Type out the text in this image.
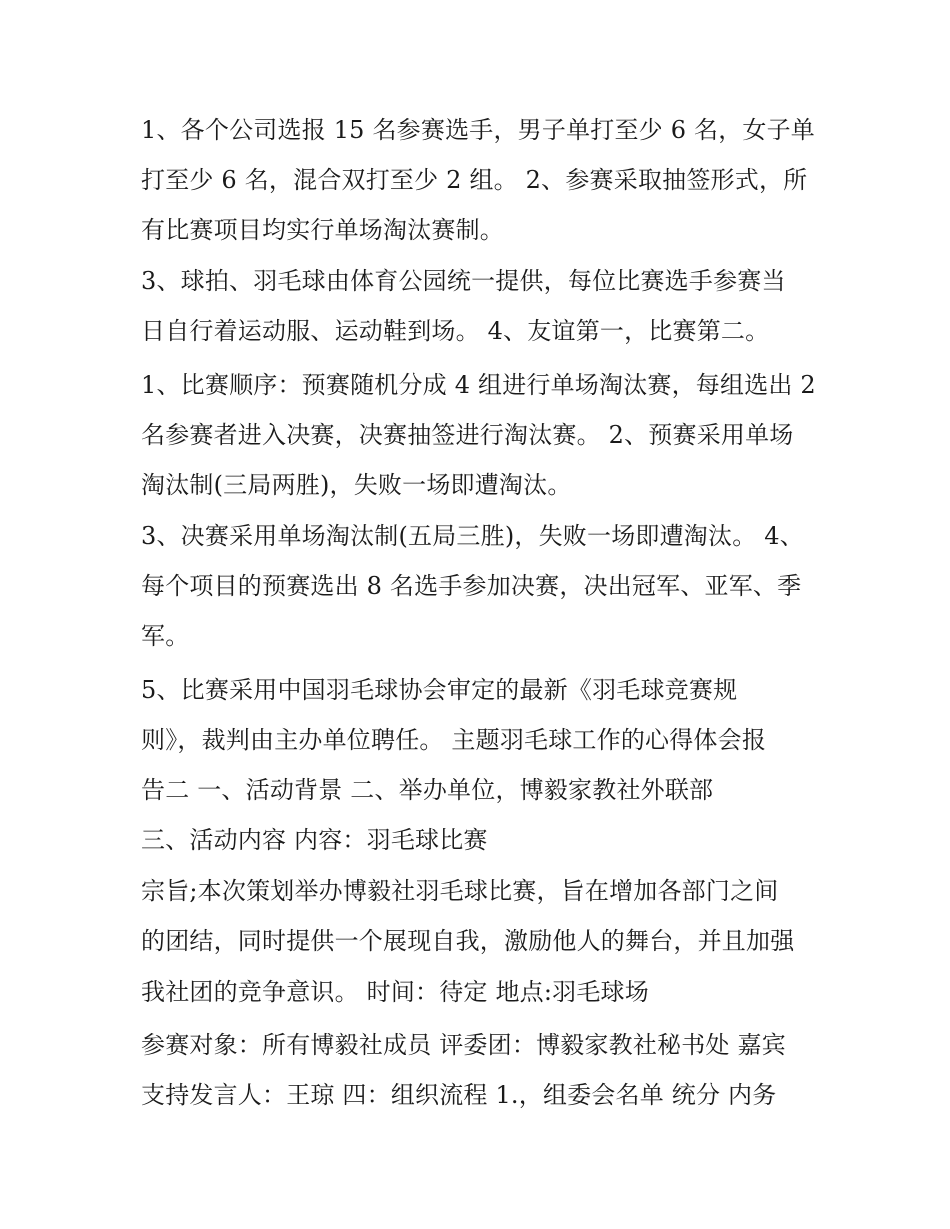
1、各个公司选报 15 名参赛选手，男子单打至少 6 名，女子单
打至少 6 名，混合双打至少 2 组。 2、参赛采取抽签形式，所
有比赛项目均实行单场淘汰赛制。
3、球拍、羽毛球由体育公园统一提供，每位比赛选手参赛当
日自行着运动服、运动鞋到场。 4、友谊第一，比赛第二。
1、比赛顺序：预赛随机分成 4 组进行单场淘汰赛，每组选出 2
名参赛者进入决赛，决赛抽签进行淘汰赛。 2、预赛采用单场
淘汰制(三局两胜)，失败一场即遭淘汰。
3、决赛采用单场淘汰制(五局三胜)，失败一场即遭淘汰。 4、
每个项目的预赛选出 8 名选手参加决赛，决出冠军、亚军、季
军。
5、比赛采用中国羽毛球协会审定的最新《羽毛球竞赛规
则》，裁判由主办单位聘任。 主题羽毛球工作的心得体会报
告二 一、活动背景 二、举办单位，博毅家教社外联部
三、活动内容 内容：羽毛球比赛
宗旨;本次策划举办博毅社羽毛球比赛，旨在增加各部门之间
的团结，同时提供一个展现自我，激励他人的舞台，并且加强
我社团的竞争意识。 时间：待定 地点:羽毛球场
参赛对象：所有博毅社成员 评委团：博毅家教社秘书处 嘉宾
支持发言人：王琼 四：组织流程 1.，组委会名单 统分 内务
